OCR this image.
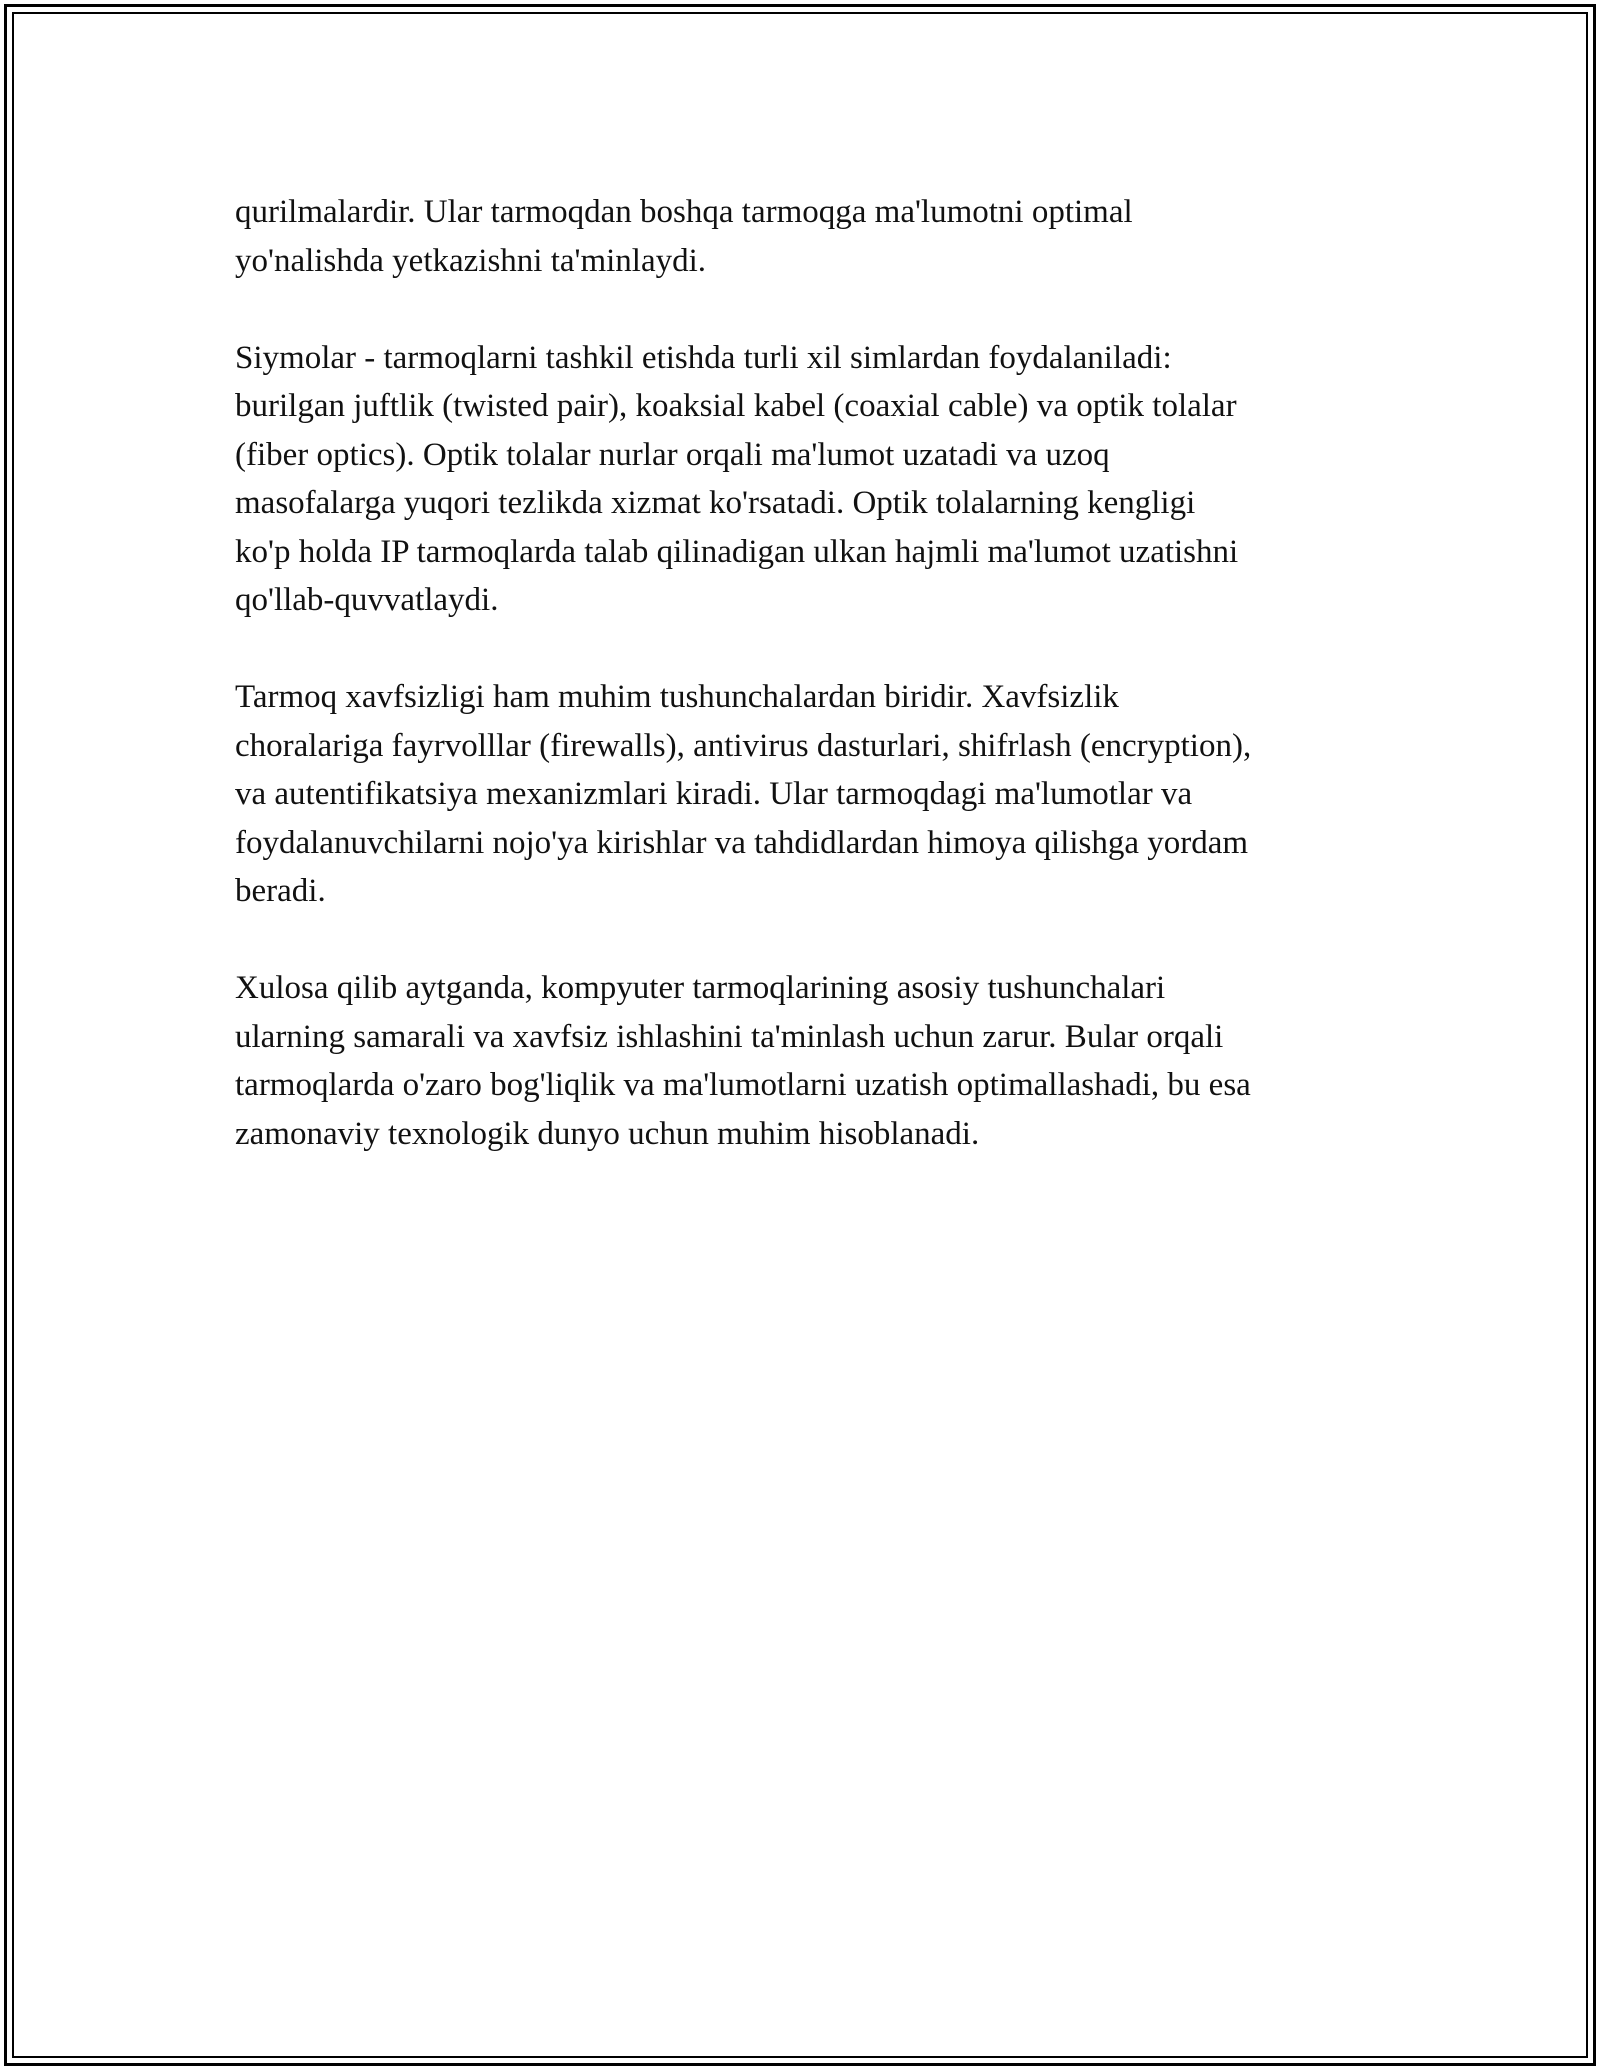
qurilmalardir. Ular tarmoqdan boshqa tarmoqga ma'lumotni optimal
yo'nalishda yetkazishni ta'minlaydi.

Siymolar - tarmoqlarni tashkil etishda turli xil simlardan foydalaniladi:
burilgan juftlik (twisted pair), koaksial kabel (coaxial cable) va optik tolalar
(fiber optics). Optik tolalar nurlar orqali ma'lumot uzatadi va uzoq
masofalarga yuqori tezlikda xizmat ko'rsatadi. Optik tolalarning kengligi
ko'p holda IP tarmoqlarda talab qilinadigan ulkan hajmli ma'lumot uzatishni
qo'llab-quvvatlaydi.

Tarmoq xavfsizligi ham muhim tushunchalardan biridir. Xavfsizlik
choralariga fayrvolllar (firewalls), antivirus dasturlari, shifrlash (encryption),
va autentifikatsiya mexanizmlari kiradi. Ular tarmoqdagi ma'lumotlar va
foydalanuvchilarni nojo'ya kirishlar va tahdidlardan himoya qilishga yordam
beradi.

Xulosa qilib aytganda, kompyuter tarmoqlarining asosiy tushunchalari
ularning samarali va xavfsiz ishlashini ta'minlash uchun zarur. Bular orqali
tarmoqlarda o'zaro bog'liqlik va ma'lumotlarni uzatish optimallashadi, bu esa
zamonaviy texnologik dunyo uchun muhim hisoblanadi.
